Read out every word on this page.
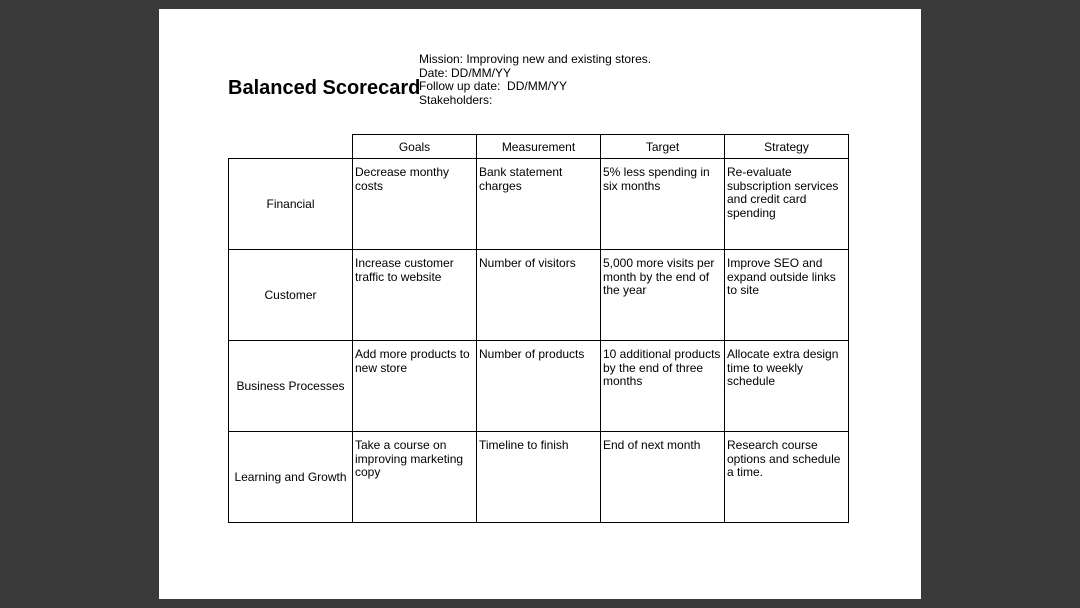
Balanced Scorecard
Mission: Improving new and existing stores.
Date: DD/MM/YY
Follow up date:  DD/MM/YY
Stakeholders:
	Goals	Measurement	Target	Strategy
Financial	Decrease monthy costs	Bank statement charges	5% less spending in six months	Re-evaluate subscription services and credit card spending
Customer	Increase customer traffic to website	Number of visitors	5,000 more visits per month by the end of the year	Improve SEO and expand outside links to site
Business Processes	Add more products to new store	Number of products	10 additional products by the end of three months	Allocate extra design time to weekly schedule
Learning and Growth	Take a course on improving marketing copy	Timeline to finish	End of next month	Research course options and schedule a time.
